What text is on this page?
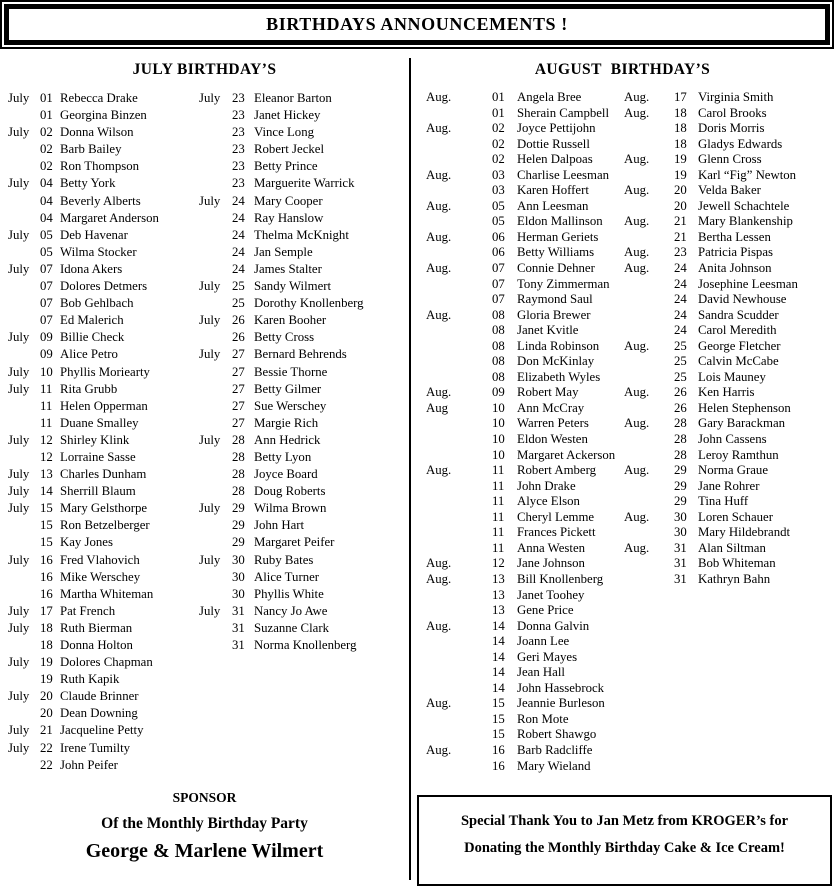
BIRTHDAYS ANNOUNCEMENTS !
JULY BIRTHDAY’S
July 01 Rebecca Drake
01 Georgina Binzen
July 02 Donna Wilson
02 Barb Bailey
02 Ron Thompson
July 04 Betty York
04 Beverly Alberts
04 Margaret Anderson
July 05 Deb Havenar
05 Wilma Stocker
July 07 Idona Akers
07 Dolores Detmers
07 Bob Gehlbach
07 Ed Malerich
July 09 Billie Check
09 Alice Petro
July 10 Phyllis Moriearty
July 11 Rita Grubb
11 Helen Opperman
11 Duane Smalley
July 12 Shirley Klink
12 Lorraine Sasse
July 13 Charles Dunham
July 14 Sherrill Blaum
July 15 Mary Gelsthorpe
15 Ron Betzelberger
15 Kay Jones
July 16 Fred Vlahovich
16 Mike Werschey
16 Martha Whiteman
July 17 Pat French
July 18 Ruth Bierman
18 Donna Holton
July 19 Dolores Chapman
19 Ruth Kapik
July 20 Claude Brinner
20 Dean Downing
July 21 Jacqueline Petty
July 22 Irene Tumilty
22 John Peifer
July 23 Eleanor Barton
23 Janet Hickey
23 Vince Long
23 Robert Jeckel
23 Betty Prince
23 Marguerite Warrick
July 24 Mary Cooper
24 Ray Hanslow
24 Thelma McKnight
24 Jan Semple
24 James Stalter
July 25 Sandy Wilmert
25 Dorothy Knollenberg
July 26 Karen Booher
26 Betty Cross
July 27 Bernard Behrends
27 Bessie Thorne
27 Betty Gilmer
27 Sue Werschey
27 Margie Rich
July 28 Ann Hedrick
28 Betty Lyon
28 Joyce Board
28 Doug Roberts
July 29 Wilma Brown
29 John Hart
29 Margaret Peifer
July 30 Ruby Bates
30 Alice Turner
30 Phyllis White
July 31 Nancy Jo Awe
31 Suzanne Clark
31 Norma Knollenberg
SPONSOR
Of the Monthly Birthday Party
George & Marlene Wilmert
AUGUST BIRTHDAY’S
Aug.	01 Angela Bree
01 Sherain Campbell
Aug.	02 Joyce Pettijohn
02 Dottie Russell
02 Helen Dalpoas
Aug.	03 Charlise Leesman
03 Karen Hoffert
Aug.	05 Ann Leesman
05 Eldon Mallinson
Aug.	06 Herman Geriets
06 Betty Williams
Aug.	07 Connie Dehner
07 Tony Zimmerman
07 Raymond Saul
Aug.	08 Gloria Brewer
08 Janet Kvitle
08 Linda Robinson
08 Don McKinlay
08 Elizabeth Wyles
Aug.	09 Robert May
Aug	10 Ann McCray
10 Warren Peters
10 Eldon Westen
10 Margaret Ackerson
Aug.	11 Robert Amberg
11 John Drake
11 Alyce Elson
11 Cheryl Lemme
11 Frances Pickett
11 Anna Westen
Aug.	12 Jane Johnson
Aug.	13 Bill Knollenberg
13 Janet Toohey
13 Gene Price
Aug.	14 Donna Galvin
14 Joann Lee
14 Geri Mayes
14 Jean Hall
14 John Hassebrock
Aug.	15 Jeannie Burleson
15 Ron Mote
15 Robert Shawgo
Aug.	16 Barb Radcliffe
16 Mary Wieland
Aug.	17 Virginia Smith
Aug.	18 Carol Brooks
18 Doris Morris
18 Gladys Edwards
Aug.	19 Glenn Cross
19 Karl “Fig” Newton
Aug.	20 Velda Baker
20 Jewell Schachtele
Aug.	21 Mary Blankenship
21 Bertha Lessen
Aug.	23 Patricia Pispas
Aug.	24 Anita Johnson
24 Josephine Leesman
24 David Newhouse
24 Sandra Scudder
24 Carol Meredith
Aug.	25 George Fletcher
25 Calvin McCabe
25 Lois Mauney
Aug.	26 Ken Harris
26 Helen Stephenson
Aug.	28 Gary Barackman
28 John Cassens
28 Leroy Ramthun
Aug.	29 Norma Graue
29 Jane Rohrer
29 Tina Huff
Aug.	30 Loren Schauer
30 Mary Hildebrandt
Aug.	31 Alan Siltman
31 Bob Whiteman
31 Kathryn Bahn
Special Thank You to Jan Metz from KROGER’s for
Donating the Monthly Birthday Cake & Ice Cream!
